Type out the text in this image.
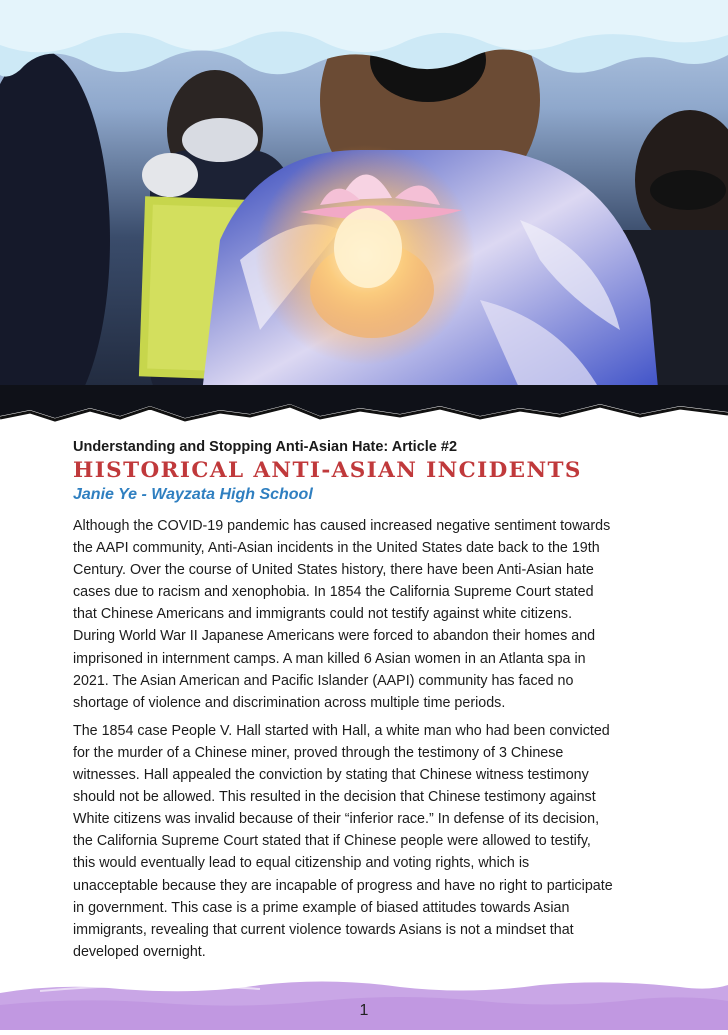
Understanding and Stopping Anti-Asian Hate: Article #2

HISTORICAL ANTI-ASIAN INCIDENTS

Janie Ye - Wayzata High School

Although the COVID-19 pandemic has caused increased negative sentiment towards
the AAPI community, Anti-Asian incidents in the United States date back to the 19th
Century. Over the course of United States history, there have been Anti-Asian hate
cases due to racism and xenophobia. In 1854 the California Supreme Court stated
that Chinese Americans and immigrants could not testify against white citizens.
During World War II Japanese Americans were forced to abandon their homes and
imprisoned in internment camps. A man killed 6 Asian women in an Atlanta spa in
2021. The Asian American and Pacific Islander (AAPI) community has faced no
shortage of violence and discrimination across multiple time periods.

The 1854 case People V. Hall started with Hall, a white man who had been convicted
for the murder of a Chinese miner, proved through the testimony of 3 Chinese
witnesses. Hall appealed the conviction by stating that Chinese witness testimony
should not be allowed. This resulted in the decision that Chinese testimony against
White citizens was invalid because of their “inferior race.” In defense of its decision,
the California Supreme Court stated that if Chinese people were allowed to testify,
this would eventually lead to equal citizenship and voting rights, which is
unacceptable because they are incapable of progress and have no right to participate
in government. This case is a prime example of biased attitudes towards Asian
immigrants, revealing that current violence towards Asians is not a mindset that
developed overnight.

1
